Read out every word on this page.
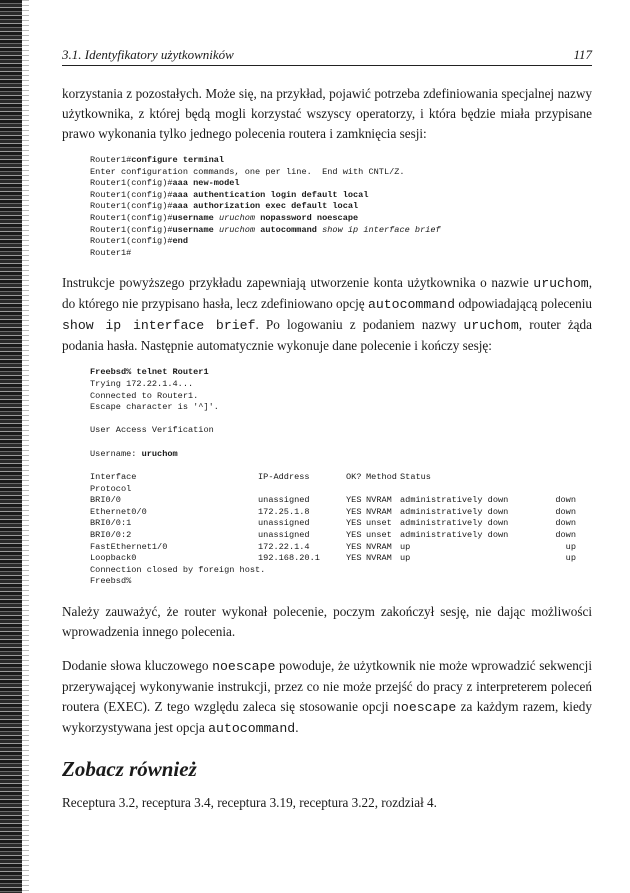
3.1. Identyfikatory użytkowników	117

korzystania z pozostałych. Może się, na przykład, pojawić potrzeba zdefiniowania specjalnej nazwy użytkownika, z której będą mogli korzystać wszyscy operatorzy, i która będzie miała przypisane prawo wykonania tylko jednego polecenia routera i zamknięcia sesji:

Router1#configure terminal
Enter configuration commands, one per line.  End with CNTL/Z.
Router1(config)#aaa new-model
Router1(config)#aaa authentication login default local
Router1(config)#aaa authorization exec default local
Router1(config)#username uruchom nopassword noescape
Router1(config)#username uruchom autocommand show ip interface brief
Router1(config)#end
Router1#

Instrukcje powyższego przykładu zapewniają utworzenie konta użytkownika o nazwie uruchom, do którego nie przypisano hasła, lecz zdefiniowano opcję autocommand odpowiadającą poleceniu show ip interface brief. Po logowaniu z podaniem nazwy uruchom, router żąda podania hasła. Następnie automatycznie wykonuje dane polecenie i kończy sesję:

Freebsd% telnet Router1
Trying 172.22.1.4...
Connected to Router1.
Escape character is '^]'.

User Access Verification

Username: uruchom
Interface	IP-Address	OK?	Method	Status	
Protocol					
BRI0/0	unassigned	YES	NVRAM	administratively down	down
Ethernet0/0	172.25.1.8	YES	NVRAM	administratively down	down
BRI0/0:1	unassigned	YES	unset	administratively down	down
BRI0/0:2	unassigned	YES	unset	administratively down	down
FastEthernet1/0	172.22.1.4	YES	NVRAM	up	up
Loopback0	192.168.20.1	YES	NVRAM	up	up
Connection closed by foreign host.					
Freebsd%					

Należy zauważyć, że router wykonał polecenie, poczym zakończył sesję, nie dając możliwości wprowadzenia innego polecenia.

Dodanie słowa kluczowego noescape powoduje, że użytkownik nie może wprowadzić sekwencji przerywającej wykonywanie instrukcji, przez co nie może przejść do pracy z interpreterem poleceń routera (EXEC). Z tego względu zaleca się stosowanie opcji noescape za każdym razem, kiedy wykorzystywana jest opcja autocommand.

Zobacz również

Receptura 3.2, receptura 3.4, receptura 3.19, receptura 3.22, rozdział 4.
